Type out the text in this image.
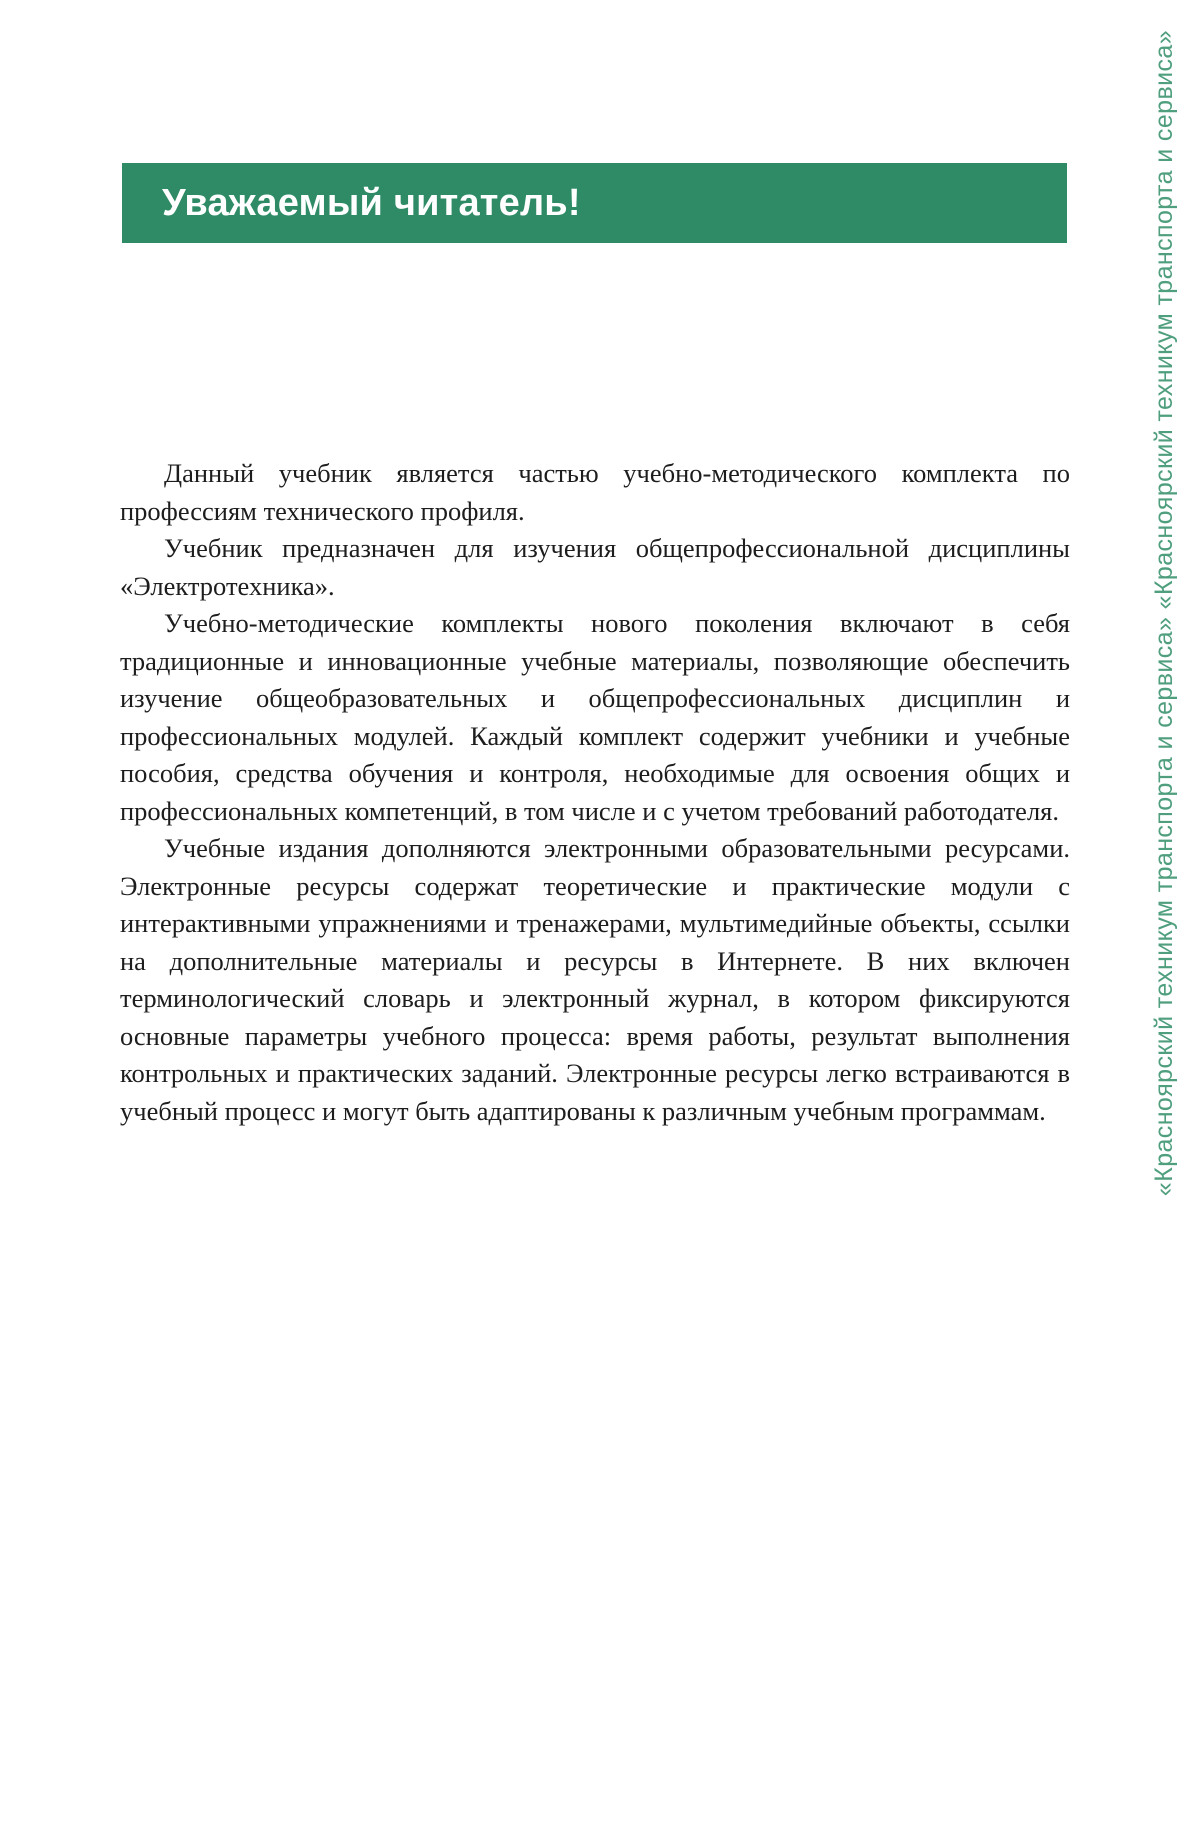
Уважаемый читатель!

Данный учебник является частью учебно-методического комплекта по профессиям технического профиля.

Учебник предназначен для изучения общепрофессиональной дисциплины «Электротехника».

Учебно-методические комплекты нового поколения включают в себя традиционные и инновационные учебные материалы, позволяющие обеспечить изучение общеобразовательных и общепрофессиональных дисциплин и профессиональных модулей. Каждый комплект содержит учебники и учебные пособия, средства обучения и контроля, необходимые для освоения общих и профессиональных компетенций, в том числе и с учетом требований работодателя.

Учебные издания дополняются электронными образовательными ресурсами. Электронные ресурсы содержат теоретические и практические модули с интерактивными упражнениями и тренажерами, мультимедийные объекты, ссылки на дополнительные материалы и ресурсы в Интернете. В них включен терминологический словарь и электронный журнал, в котором фиксируются основные параметры учебного процесса: время работы, результат выполнения контрольных и практических заданий. Электронные ресурсы легко встраиваются в учебный процесс и могут быть адаптированы к различным учебным программам.	«Красноярский техникум транспорта и сервиса» «Красноярский техникум транспорта и сервиса»
